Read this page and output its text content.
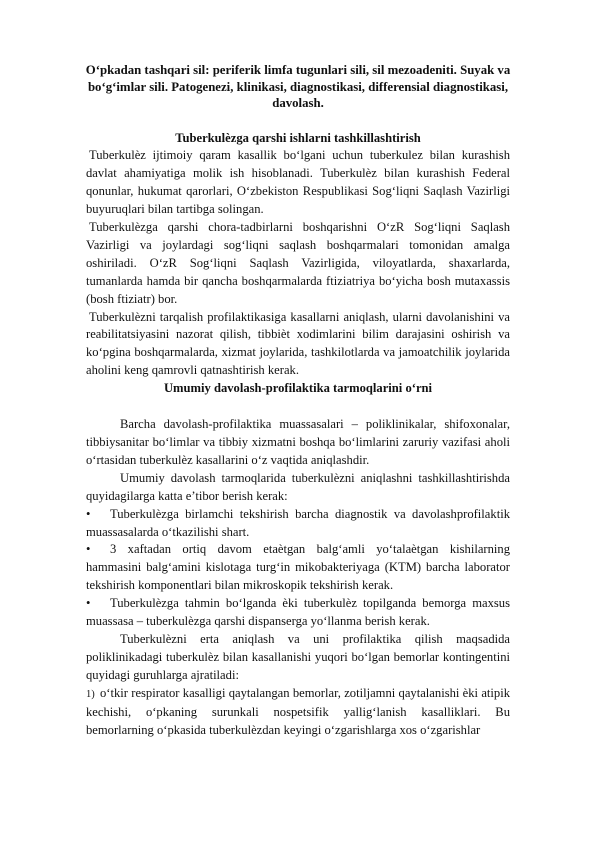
O‘pkadan tashqari sil: periferik limfa tugunlari sili, sil mezoadeniti. Suyak va bo‘g‘imlar sili. Patogenezi, klinikasi, diagnostikasi, differensial diagnostikasi, davolash.
Tuberkulèzga qarshi ishlarni tashkillashtirish

Tuberkulèz ijtimoiy qaram kasallik bo‘lgani uchun tuberkulez bilan kurashish davlat ahamiyatiga molik ish hisoblanadi. Tuberkulèz bilan kurashish Federal qonunlar, hukumat qarorlari, O‘zbekiston Respublikasi Sog‘liqni Saqlash Vazirligi buyuruqlari bilan tartibga solingan.

Tuberkulèzga qarshi chora-tadbirlarni boshqarishni O‘zR Sog‘liqni Saqlash Vazirligi va joylardagi sog‘liqni saqlash boshqarmalari tomonidan amalga oshiriladi. O‘zR Sog‘liqni Saqlash Vazirligida, viloyatlarda, shaxarlarda, tumanlarda hamda bir qancha boshqarmalarda ftiziatriya bo‘yicha bosh mutaxassis (bosh ftiziatr) bor.

Tuberkulèzni tarqalish profilaktikasiga kasallarni aniqlash, ularni davolanishini va reabilitatsiyasini nazorat qilish, tibbièt xodimlarini bilim darajasini oshirish va ko‘pgina boshqarmalarda, xizmat joylarida, tashkilotlarda va jamoatchilik joylarida aholini keng qamrovli qatnashtirish kerak.

Umumiy davolash-profilaktika tarmoqlarini o‘rni

Barcha davolash-profilaktika muassasalari – poliklinikalar, shifoxonalar, tibbiysanitar bo‘limlar va tibbiy xizmatni boshqa bo‘limlarini zaruriy vazifasi aholi o‘rtasidan tuberkulèz kasallarini o‘z vaqtida aniqlashdir.

Umumiy davolash tarmoqlarida tuberkulèzni aniqlashni tashkillashtirishda quyidagilarga katta e’tibor berish kerak:

• Tuberkulèzga birlamchi tekshirish barcha diagnostik va davolashprofilaktik muassasalarda o‘tkazilishi shart.

• 3 xaftadan ortiq davom etaètgan balg‘amli yo‘talaètgan kishilarning hammasini balg‘amini kislotaga turg‘in mikobakteriyaga (KTM) barcha laborator tekshirish komponentlari bilan mikroskopik tekshirish kerak.

• Tuberkulèzga tahmin bo‘lganda èki tuberkulèz topilganda bemorga maxsus muassasa – tuberkulèzga qarshi dispanserga yo‘llanma berish kerak.

Tuberkulèzni erta aniqlash va uni profilaktika qilish maqsadida poliklinikadagi tuberkulèz bilan kasallanishi yuqori bo‘lgan bemorlar kontingentini quyidagi guruhlarga ajratiladi:

1) o‘tkir respirator kasalligi qaytalangan bemorlar, zotiljamni qaytalanishi èki atipik kechishi, o‘pkaning surunkali nospetsifik yallig‘lanish kasalliklari. Bu bemorlarning o‘pkasida tuberkulèzdan keyingi o‘zgarishlarga xos o‘zgarishlar
